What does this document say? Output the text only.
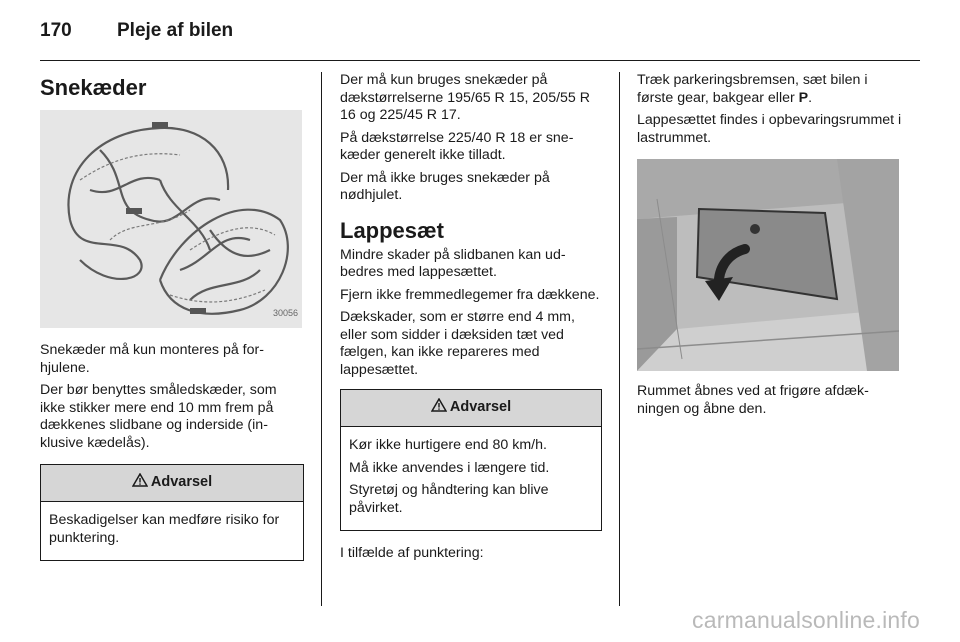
170 Pleje af bilen
Snekæder
30056

Snekæder må kun monteres på forhjulene.

Der bør benyttes småledskæder, som ikke stikker mere end 10 mm frem på dækkenes slidbane og inderside (inklusive kædelås).

Advarsel

Beskadigelser kan medføre risiko for punktering.

Der må kun bruges snekæder på dækstørrelserne 195/65 R 15, 205/55 R 16 og 225/45 R 17.

På dækstørrelse 225/40 R 18 er snekæder generelt ikke tilladt.

Der må ikke bruges snekæder på nødhjulet.

Lappesæt

Mindre skader på slidbanen kan udbedres med lappesættet.

Fjern ikke fremmedlegemer fra dækkene.

Dækskader, som er større end 4 mm, eller som sidder i dæksiden tæt ved fælgen, kan ikke repareres med lappesættet.

Advarsel

Kør ikke hurtigere end 80 km/h.

Må ikke anvendes i længere tid.

Styretøj og håndtering kan blive påvirket.

I tilfælde af punktering:

Træk parkeringsbremsen, sæt bilen i første gear, bakgear eller P.

Lappesættet findes i opbevaringsrummet i lastrummet.

Rummet åbnes ved at frigøre afdækningen og åbne den.

carmanualsonline.info
